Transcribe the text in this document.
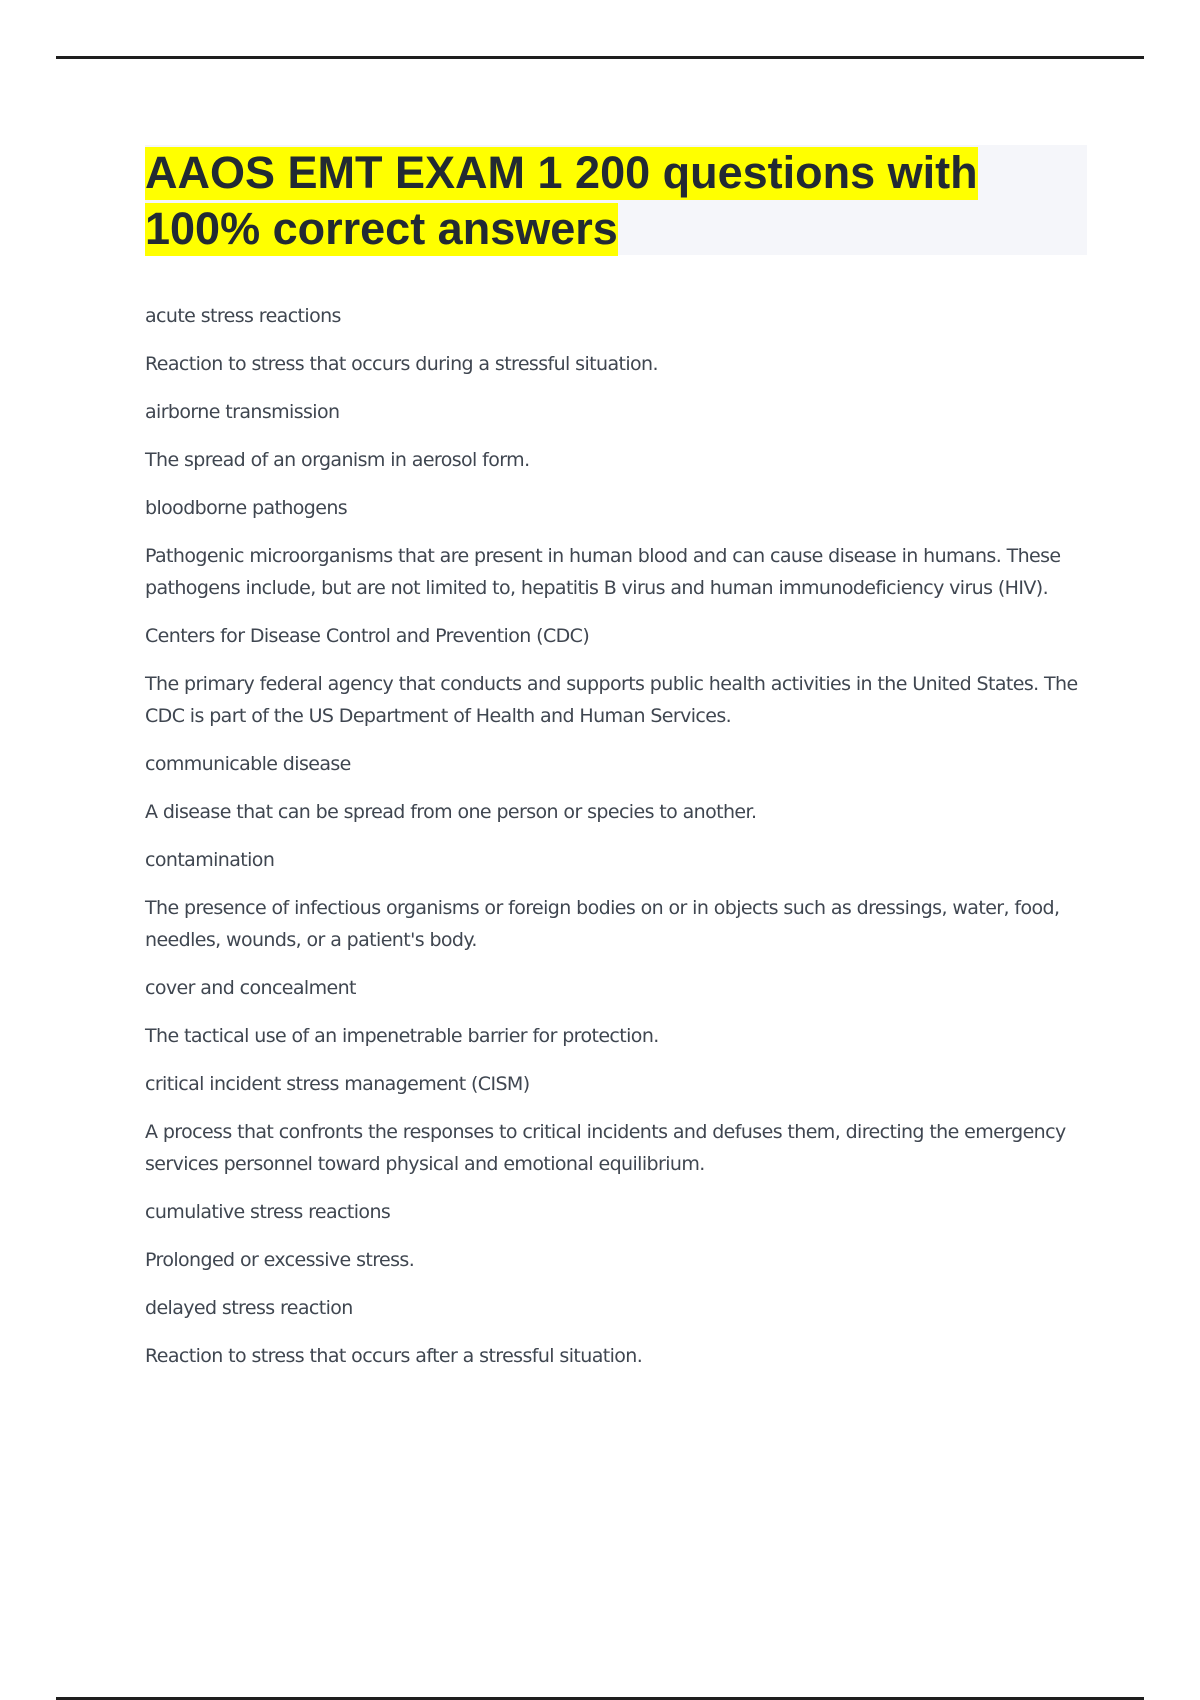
AAOS EMT EXAM 1 200 questions with
100% correct answers

acute stress reactions

Reaction to stress that occurs during a stressful situation.

airborne transmission

The spread of an organism in aerosol form.

bloodborne pathogens

Pathogenic microorganisms that are present in human blood and can cause disease in humans. These pathogens include, but are not limited to, hepatitis B virus and human immunodeficiency virus (HIV).

Centers for Disease Control and Prevention (CDC)

The primary federal agency that conducts and supports public health activities in the United States. The CDC is part of the US Department of Health and Human Services.

communicable disease

A disease that can be spread from one person or species to another.

contamination

The presence of infectious organisms or foreign bodies on or in objects such as dressings, water, food, needles, wounds, or a patient's body.

cover and concealment

The tactical use of an impenetrable barrier for protection.

critical incident stress management (CISM)

A process that confronts the responses to critical incidents and defuses them, directing the emergency services personnel toward physical and emotional equilibrium.

cumulative stress reactions

Prolonged or excessive stress.

delayed stress reaction

Reaction to stress that occurs after a stressful situation.
